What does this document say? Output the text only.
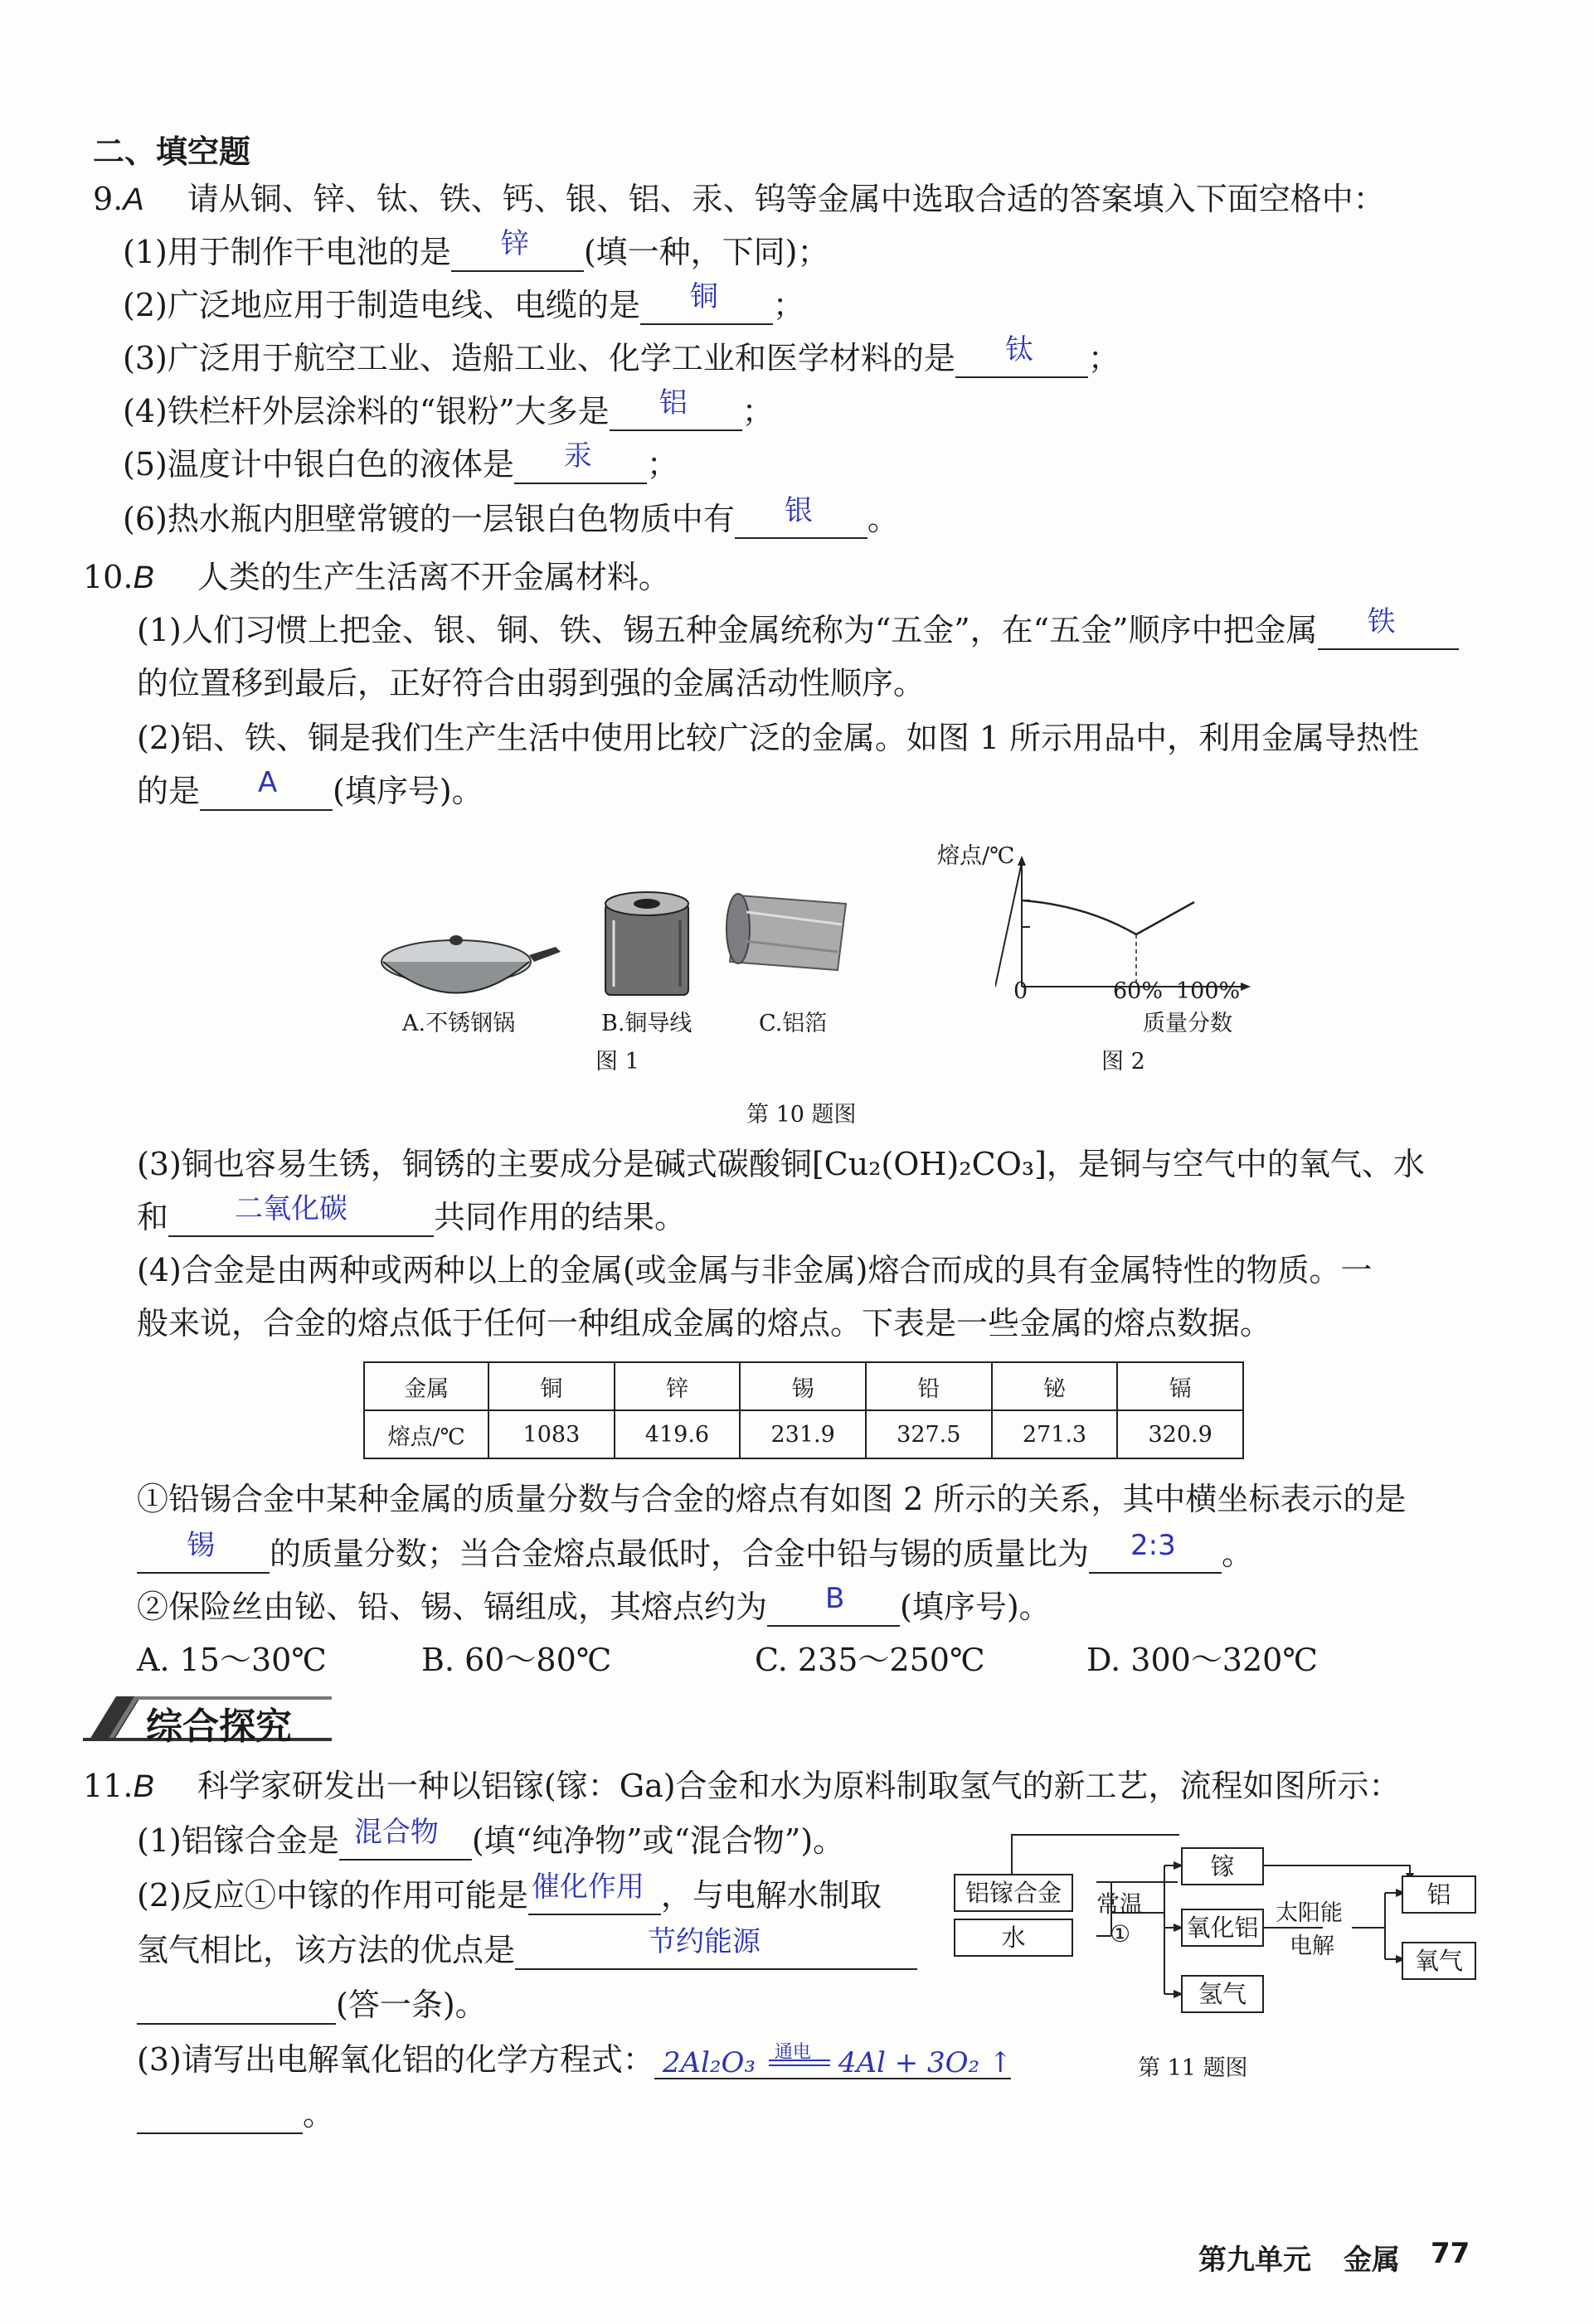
二、填空题
9.A 请从铜、锌、钛、铁、钙、银、铝、汞、钨等金属中选取合适的答案填入下面空格中：
(1)用于制作干电池的是 锌 (填一种，下同)；
(2)广泛地应用于制造电线、电缆的是 铜 ；
(3)广泛用于航空工业、造船工业、化学工业和医学材料的是 钛 ；
(4)铁栏杆外层涂料的“银粉”大多是 铝 ；
(5)温度计中银白色的液体是 汞 ；
(6)热水瓶内胆壁常镀的一层银白色物质中有 银 。
10.B 人类的生产生活离不开金属材料。
(1)人们习惯上把金、银、铜、铁、锡五种金属统称为“五金”，在“五金”顺序中把金属 铁
的位置移到最后，正好符合由弱到强的金属活动性顺序。
(2)铝、铁、铜是我们生产生活中使用比较广泛的金属。如图 1 所示用品中，利用金属导热性
的是 A (填序号)。
A.不锈钢锅	B.铜导线	C.铝箔
图 1
熔点/℃
0	60% 100%
质量分数
图 2
第 10 题图
(3)铜也容易生锈，铜锈的主要成分是碱式碳酸铜[Cu₂(OH)₂CO₃]，是铜与空气中的氧气、水
和 二氧化碳	共同作用的结果。
(4)合金是由两种或两种以上的金属(或金属与非金属)熔合而成的具有金属特性的物质。一
般来说，合金的熔点低于任何一种组成金属的熔点。下表是一些金属的熔点数据。
金属	铜	锌	锡	铅	铋	镉
熔点/℃	1083	419.6	231.9	327.5	271.3	320.9
①铅锡合金中某种金属的质量分数与合金的熔点有如图 2 所示的关系，其中横坐标表示的是
锡 的质量分数；当合金熔点最低时，合金中铅与锡的质量比为 2:3 。
②保险丝由铋、铅、锡、镉组成，其熔点约为 B (填序号)。
A. 15～30℃	B. 60～80℃	C. 235～250℃	D. 300～320℃
综合探究
11.B 科学家研发出一种以铝镓(镓：Ga)合金和水为原料制取氢气的新工艺，流程如图所示：
(1)铝镓合金是 混合物 (填“纯净物”或“混合物”)。
(2)反应①中镓的作用可能是 催化作用 ，与电解水制取
氢气相比，该方法的优点是	节约能源
(答一条)。
(3)请写出电解氧化铝的化学方程式： 2Al₂O₃ 通电 4Al + 3O₂ ↑
。
铝镓合金
水
常温
①
镓
氧化铝
氢气
太阳能
电解
铝
氧气
第 11 题图
第九单元 金属 77
